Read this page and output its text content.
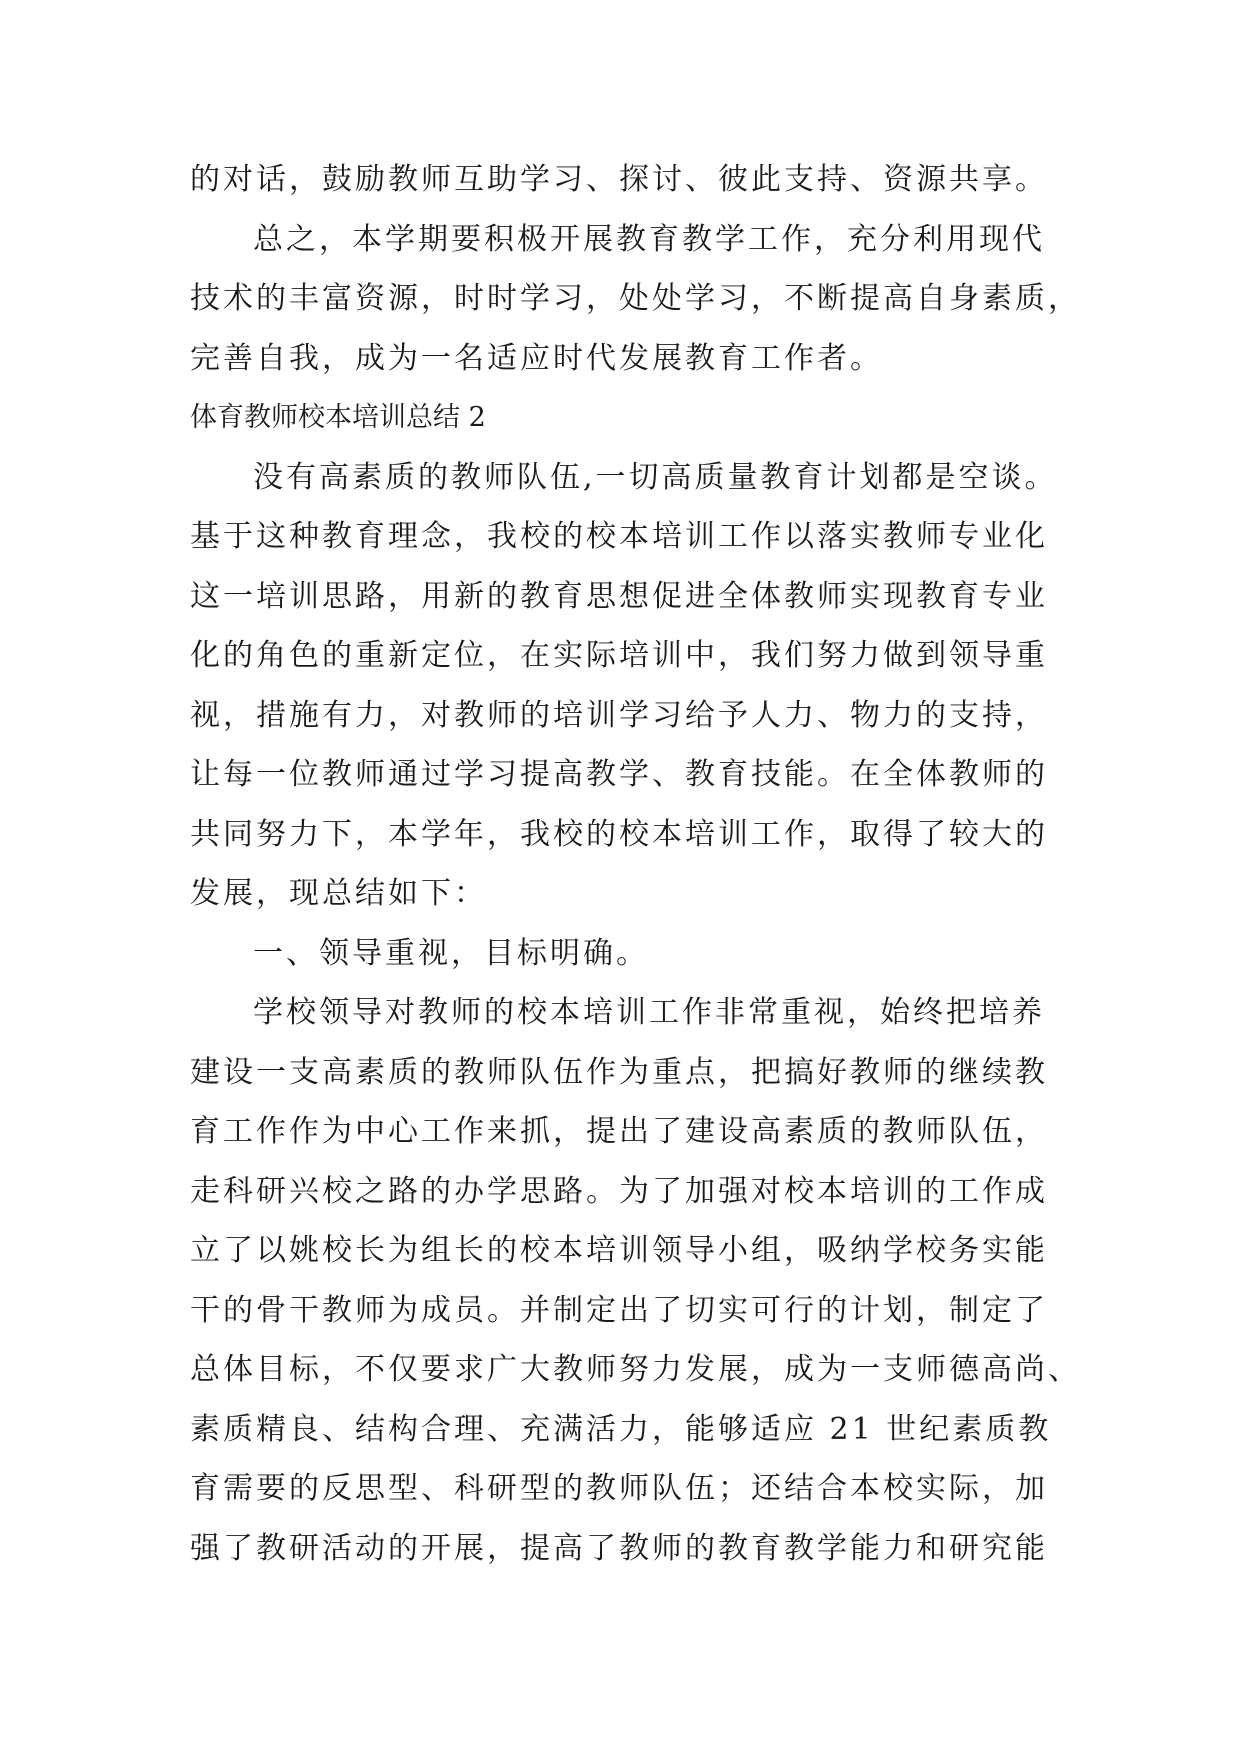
的对话，鼓励教师互助学习、探讨、彼此支持、资源共享。
总之，本学期要积极开展教育教学工作，充分利用现代
技术的丰富资源，时时学习，处处学习，不断提高自身素质，
完善自我，成为一名适应时代发展教育工作者。
体育教师校本培训总结 2
没有高素质的教师队伍,一切高质量教育计划都是空谈。
基于这种教育理念，我校的校本培训工作以落实教师专业化
这一培训思路，用新的教育思想促进全体教师实现教育专业
化的角色的重新定位，在实际培训中，我们努力做到领导重
视，措施有力，对教师的培训学习给予人力、物力的支持，
让每一位教师通过学习提高教学、教育技能。在全体教师的
共同努力下，本学年，我校的校本培训工作，取得了较大的
发展，现总结如下：
一、领导重视，目标明确。
学校领导对教师的校本培训工作非常重视，始终把培养
建设一支高素质的教师队伍作为重点，把搞好教师的继续教
育工作作为中心工作来抓，提出了建设高素质的教师队伍，
走科研兴校之路的办学思路。为了加强对校本培训的工作成
立了以姚校长为组长的校本培训领导小组，吸纳学校务实能
干的骨干教师为成员。并制定出了切实可行的计划，制定了
总体目标，不仅要求广大教师努力发展，成为一支师德高尚、
素质精良、结构合理、充满活力，能够适应 21 世纪素质教
育需要的反思型、科研型的教师队伍；还结合本校实际，加
强了教研活动的开展，提高了教师的教育教学能力和研究能
